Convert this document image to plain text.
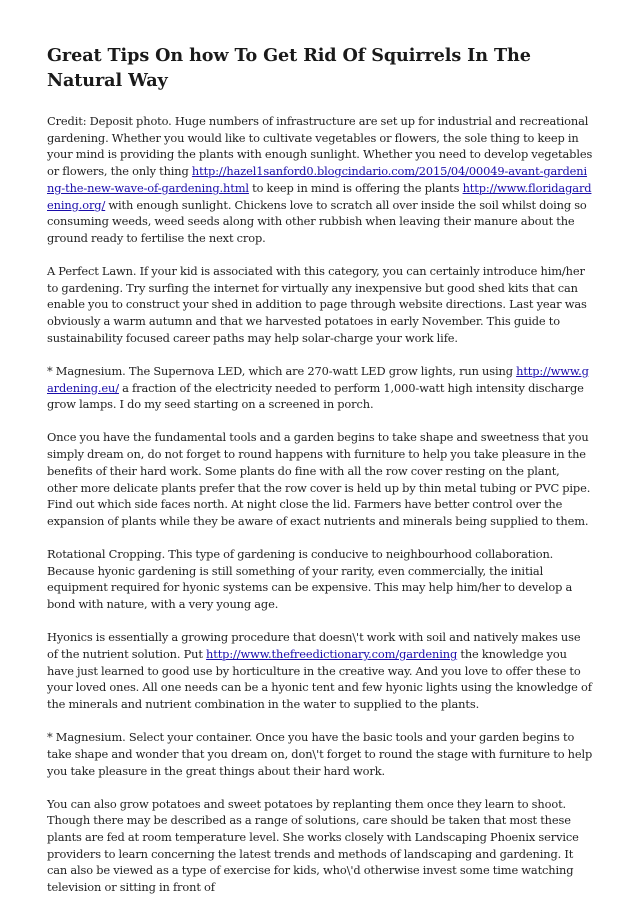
Great Tips On how To Get Rid Of Squirrels In The Natural Way

Credit: Deposit photo. Huge numbers of infrastructure are set up for industrial and recreational gardening. Whether you would like to cultivate vegetables or flowers, the sole thing to keep in your mind is providing the plants with enough sunlight. Whether you need to develop vegetables or flowers, the only thing http://hazel1sanford0.blogcindario.com/2015/04/00049-avant-gardening-the-new-wave-of-gardening.html to keep in mind is offering the plants http://www.floridagardening.org/ with enough sunlight. Chickens love to scratch all over inside the soil whilst doing so consuming weeds, weed seeds along with other rubbish when leaving their manure about the ground ready to fertilise the next crop.

A Perfect Lawn. If your kid is associated with this category, you can certainly introduce him/her to gardening. Try surfing the internet for virtually any inexpensive but good shed kits that can enable you to construct your shed in addition to page through website directions. Last year was obviously a warm autumn and that we harvested potatoes in early November. This guide to sustainability focused career paths may help solar-charge your work life.

* Magnesium. The Supernova LED, which are 270-watt LED grow lights, run using http://www.gardening.eu/ a fraction of the electricity needed to perform 1,000-watt high intensity discharge grow lamps. I do my seed starting on a screened in porch.

Once you have the fundamental tools and a garden begins to take shape and sweetness that you simply dream on, do not forget to round happens with furniture to help you take pleasure in the benefits of their hard work. Some plants do fine with all the row cover resting on the plant, other more delicate plants prefer that the row cover is held up by thin metal tubing or PVC pipe. Find out which side faces north. At night close the lid. Farmers have better control over the expansion of plants while they be aware of exact nutrients and minerals being supplied to them.

Rotational Cropping. This type of gardening is conducive to neighbourhood collaboration. Because hyonic gardening is still something of your rarity, even commercially, the initial equipment required for hyonic systems can be expensive. This may help him/her to develop a bond with nature, with a very young age.

Hyonics is essentially a growing procedure that doesn\'t work with soil and natively makes use of the nutrient solution. Put http://www.thefreedictionary.com/gardening the knowledge you have just learned to good use by horticulture in the creative way. And you love to offer these to your loved ones. All one needs can be a hyonic tent and few hyonic lights using the knowledge of the minerals and nutrient combination in the water to supplied to the plants.

* Magnesium. Select your container. Once you have the basic tools and your garden begins to take shape and wonder that you dream on, don\'t forget to round the stage with furniture to help you take pleasure in the great things about their hard work.

You can also grow potatoes and sweet potatoes by replanting them once they learn to shoot. Though there may be described as a range of solutions, care should be taken that most these plants are fed at room temperature level. She works closely with Landscaping Phoenix service providers to learn concerning the latest trends and methods of landscaping and gardening. It can also be viewed as a type of exercise for kids, who\'d otherwise invest some time watching television or sitting in front of
